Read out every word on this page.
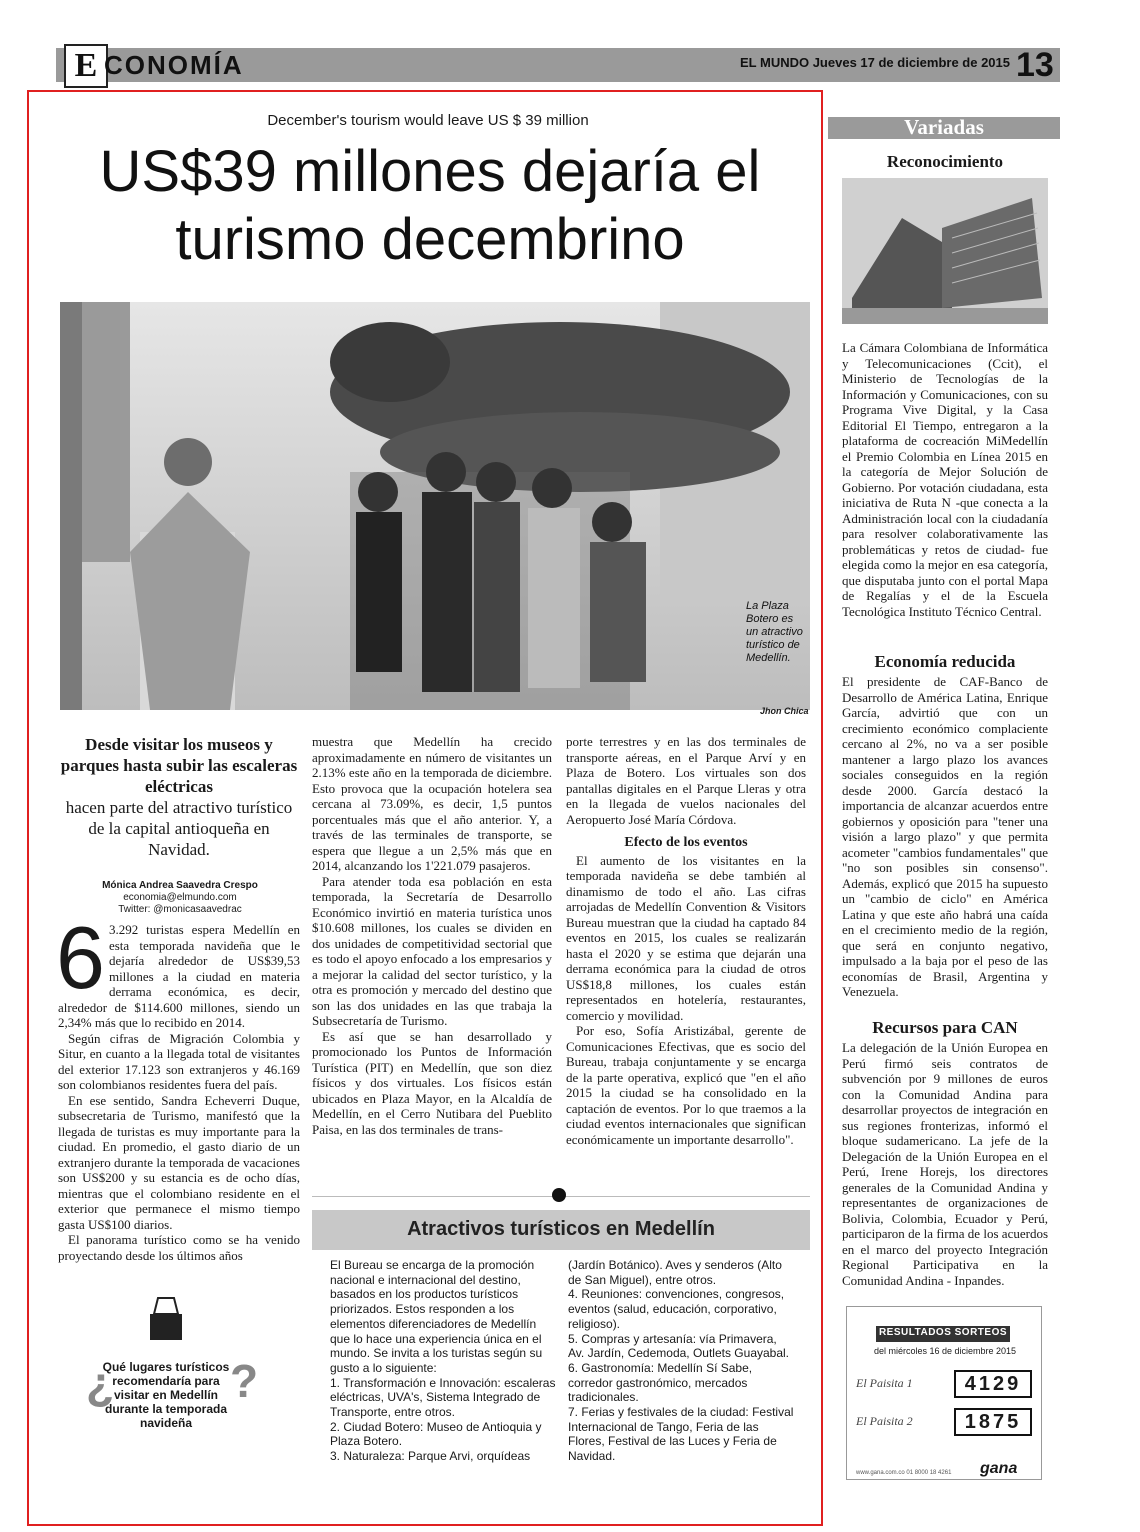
E CONOMÍA	EL MUNDO Jueves 17 de diciembre de 2015 13
December's tourism would leave US $ 39 million
US$39 millones dejaría el turismo decembrino
La Plaza Botero es un atractivo turístico de Medellín.
Jhon Chica
Desde visitar los museos y parques hasta subir las escaleras eléctricas
hacen parte del atractivo turístico de la capital antioqueña en Navidad.
Mónica Andrea Saavedra Crespo
economia@elmundo.com
Twitter: @monicasaavedrac
6 3.292 turistas espera Medellín en esta temporada navideña que le dejaría alrededor de US$39,53 millones a la ciudad en materia derrama económica, es decir, alrededor de $114.600 millones, siendo un 2,34% más que lo recibido en 2014.

Según cifras de Migración Colombia y Situr, en cuanto a la llegada total de visitantes del exterior 17.123 son extranjeros y 46.169 son colombianos residentes fuera del país.

En ese sentido, Sandra Echeverri Duque, subsecretaria de Turismo, manifestó que la llegada de turistas es muy importante para la ciudad. En promedio, el gasto diario de un extranjero durante la temporada de vacaciones son US$200 y su estancia es de ocho días, mientras que el colombiano residente en el exterior que permanece el mismo tiempo gasta US$100 diarios.

El panorama turístico como se ha venido proyectando desde los últimos años

muestra que Medellín ha crecido aproximadamente en número de visitantes un 2.13% este año en la temporada de diciembre. Esto provoca que la ocupación hotelera sea cercana al 73.09%, es decir, 1,5 puntos porcentuales más que el año anterior. Y, a través de las terminales de transporte, se espera que llegue a un 2,5% más que en 2014, alcanzando los 1'221.079 pasajeros.

Para atender toda esa población en esta temporada, la Secretaría de Desarrollo Económico invirtió en materia turística unos $10.608 millones, los cuales se dividen en dos unidades de competitividad sectorial que es todo el apoyo enfocado a los empresarios y a mejorar la calidad del sector turístico, y la otra es promoción y mercado del destino que son las dos unidades en las que trabaja la Subsecretaría de Turismo.

Es así que se han desarrollado y promocionado los Puntos de Información Turística (PIT) en Medellín, que son diez físicos y dos virtuales. Los físicos están ubicados en Plaza Mayor, en la Alcaldía de Medellín, en el Cerro Nutibara del Pueblito Paisa, en las dos terminales de trans-

porte terrestres y en las dos terminales de transporte aéreas, en el Parque Arví y en Plaza de Botero. Los virtuales son dos pantallas digitales en el Parque Lleras y otra en la llegada de vuelos nacionales del Aeropuerto José María Córdova.

Efecto de los eventos

El aumento de los visitantes en la temporada navideña se debe también al dinamismo de todo el año. Las cifras arrojadas de Medellín Convention & Visitors Bureau muestran que la ciudad ha captado 84 eventos en 2015, los cuales se realizarán hasta el 2020 y se estima que dejarán una derrama económica para la ciudad de otros US$18,8 millones, los cuales están representados en hotelería, restaurantes, comercio y movilidad.

Por eso, Sofía Aristizábal, gerente de Comunicaciones Efectivas, que es socio del Bureau, trabaja conjuntamente y se encarga de la parte operativa, explicó que "en el año 2015 la ciudad se ha consolidado en la captación de eventos. Por lo que traemos a la ciudad eventos internacionales que significan económicamente un importante desarrollo".

¿
Qué lugares turísticos recomendaría para visitar en Medellín durante la temporada navideña
?
Atractivos turísticos en Medellín

El Bureau se encarga de la promoción nacional e internacional del destino, basados en los productos turísticos priorizados. Estos responden a los elementos diferenciadores de Medellín que lo hace una experiencia única en el mundo. Se invita a los turistas según su gusto a lo siguiente:

1. Transformación e Innovación: escaleras eléctricas, UVA's, Sistema Integrado de Transporte, entre otros.

2. Ciudad Botero: Museo de Antioquia y Plaza Botero.

3. Naturaleza: Parque Arvi, orquídeas

(Jardín Botánico). Aves y senderos (Alto de San Miguel), entre otros.

4. Reuniones: convenciones, congresos, eventos (salud, educación, corporativo, religioso).

5. Compras y artesanía: vía Primavera, Av. Jardín, Cedemoda, Outlets Guayabal.

6. Gastronomía: Medellín Sí Sabe, corredor gastronómico, mercados tradicionales.

7. Ferias y festivales de la ciudad: Festival Internacional de Tango, Feria de las Flores, Festival de las Luces y Feria de Navidad.

Variadas
Reconocimiento
La Cámara Colombiana de Informática y Telecomunicaciones (Ccit), el Ministerio de Tecnologías de la Información y Comunicaciones, con su Programa Vive Digital, y la Casa Editorial El Tiempo, entregaron a la plataforma de cocreación MiMedellín el Premio Colombia en Línea 2015 en la categoría de Mejor Solución de Gobierno. Por votación ciudadana, esta iniciativa de Ruta N -que conecta a la Administración local con la ciudadanía para resolver colaborativamente las problemáticas y retos de ciudad- fue elegida como la mejor en esa categoría, que disputaba junto con el portal Mapa de Regalías y el de la Escuela Tecnológica Instituto Técnico Central.
Economía reducida
El presidente de CAF-Banco de Desarrollo de América Latina, Enrique García, advirtió que con un crecimiento económico complaciente cercano al 2%, no va a ser posible mantener a largo plazo los avances sociales conseguidos en la región desde 2000. García destacó la importancia de alcanzar acuerdos entre gobiernos y oposición para "tener una visión a largo plazo" y que permita acometer "cambios fundamentales" que "no son posibles sin consenso". Además, explicó que 2015 ha supuesto un "cambio de ciclo" en América Latina y que este año habrá una caída en el crecimiento medio de la región, que será en conjunto negativo, impulsado a la baja por el peso de las economías de Brasil, Argentina y Venezuela.
Recursos para CAN
La delegación de la Unión Europea en Perú firmó seis contratos de subvención por 9 millones de euros con la Comunidad Andina para desarrollar proyectos de integración en sus regiones fronterizas, informó el bloque sudamericano. La jefe de la Delegación de la Unión Europea en el Perú, Irene Horejs, los directores generales de la Comunidad Andina y representantes de organizaciones de Bolivia, Colombia, Ecuador y Perú, participaron de la firma de los acuerdos en el marco del proyecto Integración Regional Participativa en la Comunidad Andina - Inpandes.
RESULTADOS SORTEOS
del miércoles 16 de diciembre 2015
El Paisita 1	4129
El Paisita 2	1875
gana
www.gana.com.co 01 8000 18 4261
